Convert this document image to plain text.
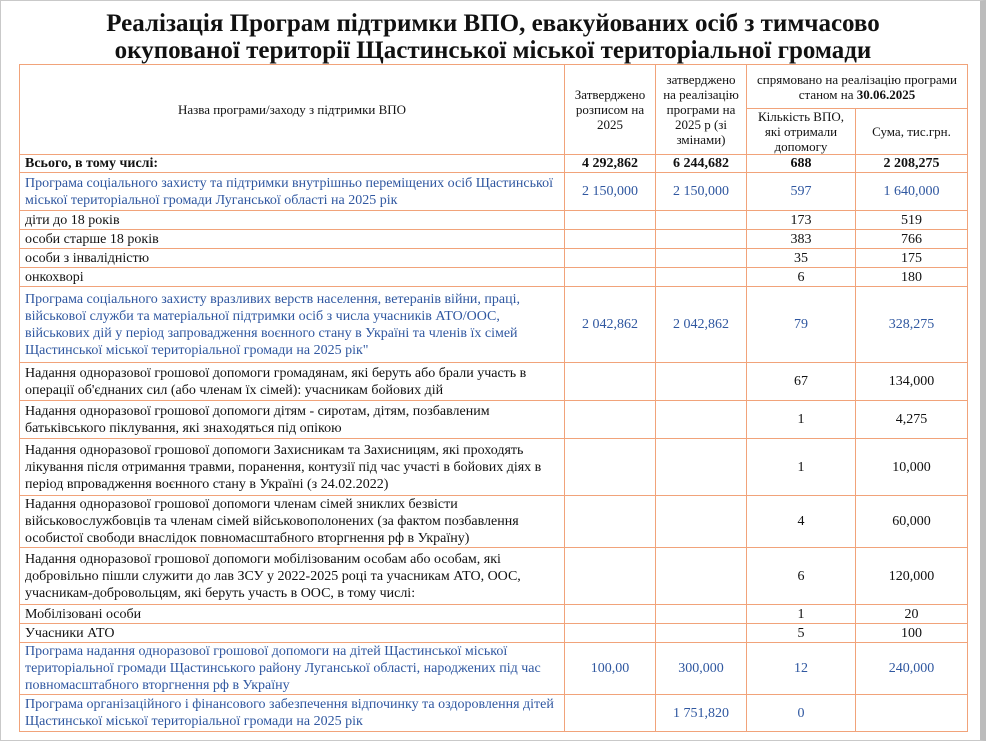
Реалізація Програм підтримки ВПО, евакуйованих осіб з тимчасово
окупованої території Щастинської міської територіальної громади
Назва програми/заходу з підтримки ВПО	Затверджено розписом на 2025	затверджено на реалізацію програми на 2025 р (зі змінами)	спрямовано на реалізацію програми станом на 30.06.2025	
			Кількість ВПО, які отримали допомогу	Сума, тис.грн.
Всього, в тому числі:	4 292,862	6 244,682	688	2 208,275
Програма соціального захисту та підтримки внутрішньо переміщених осіб Щастинської міської територіальної громади Луганської області на 2025 рік	2 150,000	2 150,000	597	1 640,000
діти до 18 років			173	519
особи старше 18 років			383	766
особи з інвалідністю			35	175
онкохворі			6	180
Програма соціального захисту вразливих верств населення, ветеранів війни, праці, військової служби та матеріальної підтримки осіб з числа учасників АТО/ООС, військових дій у період запровадження воєнного стану в Україні та членів їх сімей Щастинської міської територіальної громади на 2025 рік"	2 042,862	2 042,862	79	328,275
Надання одноразової грошової допомоги громадянам, які беруть або брали участь в операції об'єднаних сил (або членам їх сімей): учасникам бойових дій			67	134,000
Надання одноразової грошової допомоги дітям - сиротам, дітям, позбавленим батьківського піклування, які знаходяться під опікою			1	4,275
Надання одноразової грошової допомоги Захисникам та Захисницям, які проходять лікування після отримання травми, поранення, контузії під час участі в бойових діях в період впровадження воєнного стану в Україні (з 24.02.2022)			1	10,000
Надання одноразової грошової допомоги членам сімей зниклих безвісти військовослужбовців та членам сімей військовополонених (за фактом позбавлення особистої свободи внаслідок повномасштабного вторгнення рф в Україну)			4	60,000
Надання одноразової грошової допомоги мобілізованим особам або особам, які добровільно пішли служити до лав ЗСУ у 2022-2025 році та учасникам АТО, ООС, учасникам-добровольцям, які беруть участь в ООС, в тому числі:			6	120,000
Мобілізовані особи			1	20
Учасники АТО			5	100
Програма надання одноразової грошової допомоги на дітей Щастинської міської територіальної громади Щастинського району Луганської області, народжених під час повномасштабного вторгнення рф в Україну	100,00	300,000	12	240,000
Програма організаційного і фінансового забезпечення відпочинку та оздоровлення дітей Щастинської міської територіальної громади на 2025 рік		1 751,820	0	
